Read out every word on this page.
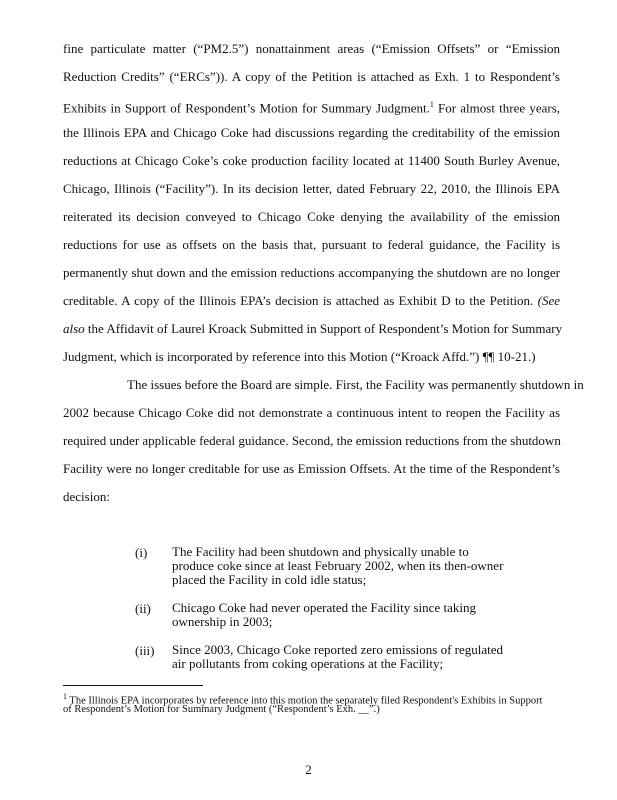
fine particulate matter (“PM2.5”) nonattainment areas (“Emission Offsets” or “Emission
Reduction Credits” (“ERCs”)). A copy of the Petition is attached as Exh. 1 to Respondent’s
Exhibits in Support of Respondent’s Motion for Summary Judgment.$^1$ For almost three years,
the Illinois EPA and Chicago Coke had discussions regarding the creditability of the emission
reductions at Chicago Coke’s coke production facility located at 11400 South Burley Avenue,
Chicago, Illinois (“Facility”). In its decision letter, dated February 22, 2010, the Illinois EPA
reiterated its decision conveyed to Chicago Coke denying the availability of the emission
reductions for use as offsets on the basis that, pursuant to federal guidance, the Facility is
permanently shut down and the emission reductions accompanying the shutdown are no longer
creditable. A copy of the Illinois EPA’s decision is attached as Exhibit D to the Petition. (See
also the Affidavit of Laurel Kroack Submitted in Support of Respondent’s Motion for Summary
Judgment, which is incorporated by reference into this Motion (“Kroack Affd.”) ¶¶ 10-21.)
The issues before the Board are simple. First, the Facility was permanently shutdown in
2002 because Chicago Coke did not demonstrate a continuous intent to reopen the Facility as
required under applicable federal guidance. Second, the emission reductions from the shutdown
Facility were no longer creditable for use as Emission Offsets. At the time of the Respondent’s
decision:
(i) The Facility had been shutdown and physically unable to produce coke since at least February 2002, when its then-owner placed the Facility in cold idle status;
(ii) Chicago Coke had never operated the Facility since taking ownership in 2003;
(iii) Since 2003, Chicago Coke reported zero emissions of regulated air pollutants from coking operations at the Facility;
$^1$ The Illinois EPA incorporates by reference into this motion the separately filed Respondent's Exhibits in Support
of Respondent’s Motion for Summary Judgment (“Respondent’s Exh. __”.)
2
